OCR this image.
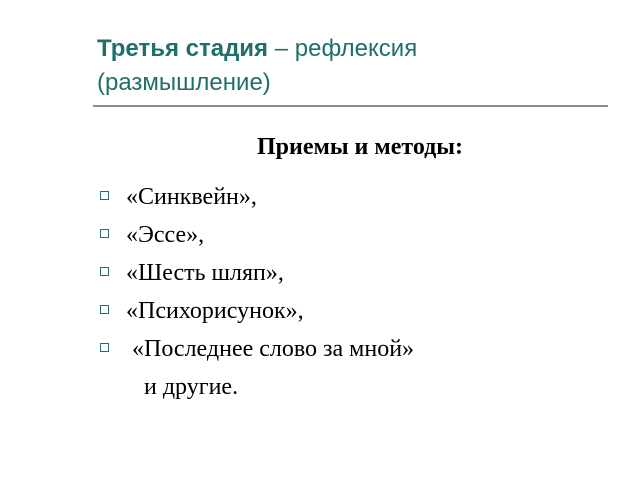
Третья стадия – рефлексия
(размышление)
Приемы и методы:

«Синквейн»,

«Эссе»,

«Шесть шляп»,

«Психорисунок»,

«Последнее слово за мной»

и другие.
